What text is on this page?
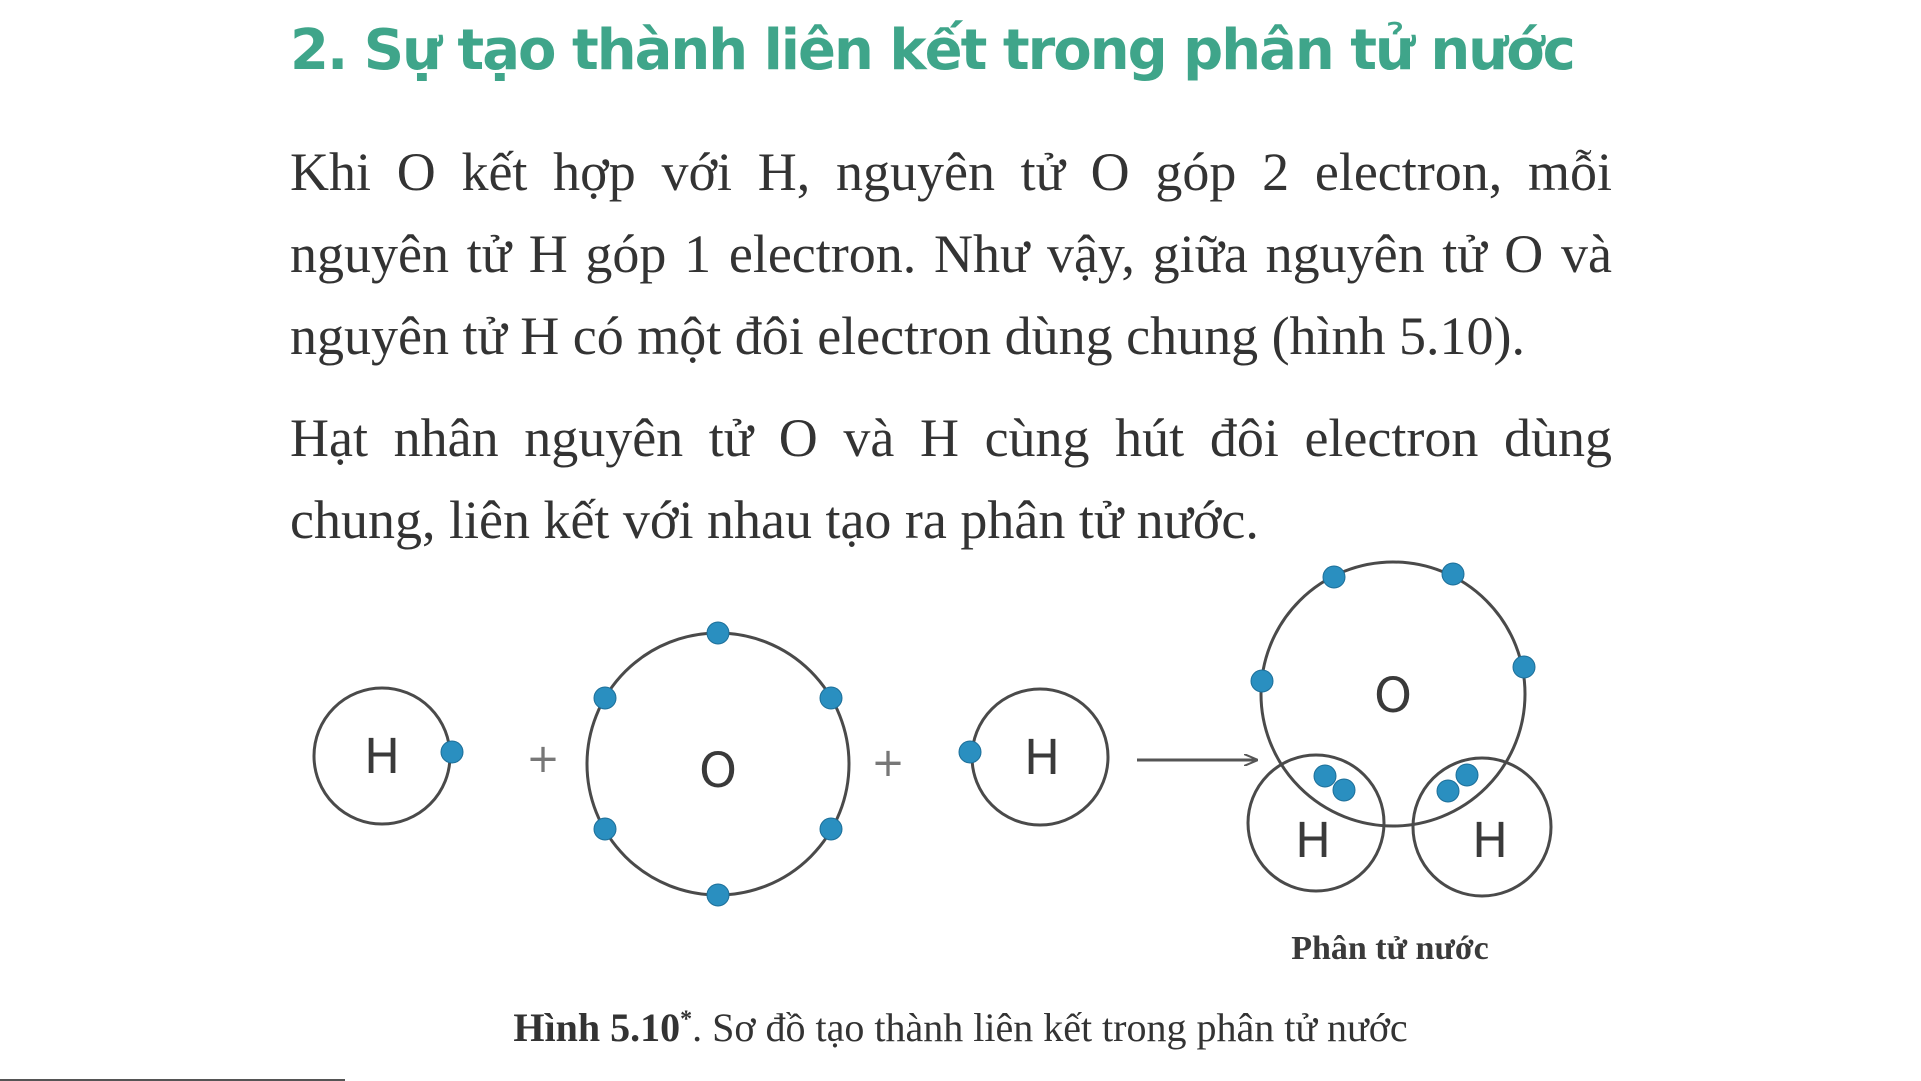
2. Sự tạo thành liên kết trong phân tử nước

Khi O kết hợp với H, nguyên tử O góp 2 electron, mỗi nguyên tử H góp 1 electron. Như vậy, giữa nguyên tử O và nguyên tử H có một đôi electron dùng chung (hình 5.10).

Hạt nhân nguyên tử O và H cùng hút đôi electron dùng chung, liên kết với nhau tạo ra phân tử nước.

H	+	O	+ H
O
H	H

Phân tử nước

Hình 5.10*. Sơ đồ tạo thành liên kết trong phân tử nước
